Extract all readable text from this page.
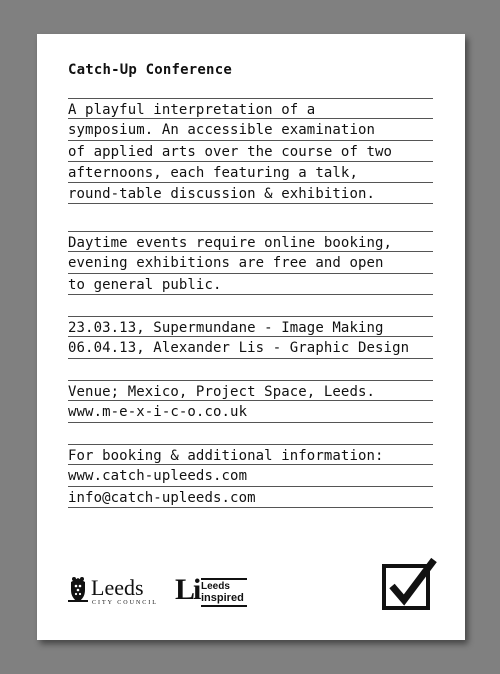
Catch-Up Conference
A playful interpretation of a
symposium. An accessible examination
of applied arts over the course of two
afternoons, each featuring a talk,
round-table discussion & exhibition.
Daytime events require online booking,
evening exhibitions are free and open
to general public.
23.03.13, Supermundane - Image Making
06.04.13, Alexander Lis - Graphic Design
Venue; Mexico, Project Space, Leeds.
www.m-e-x-i-c-o.co.uk
For booking & additional information:
www.catch-upleeds.com
info@catch-upleeds.com
Leeds
CITY COUNCIL Li Leeds
inspired
